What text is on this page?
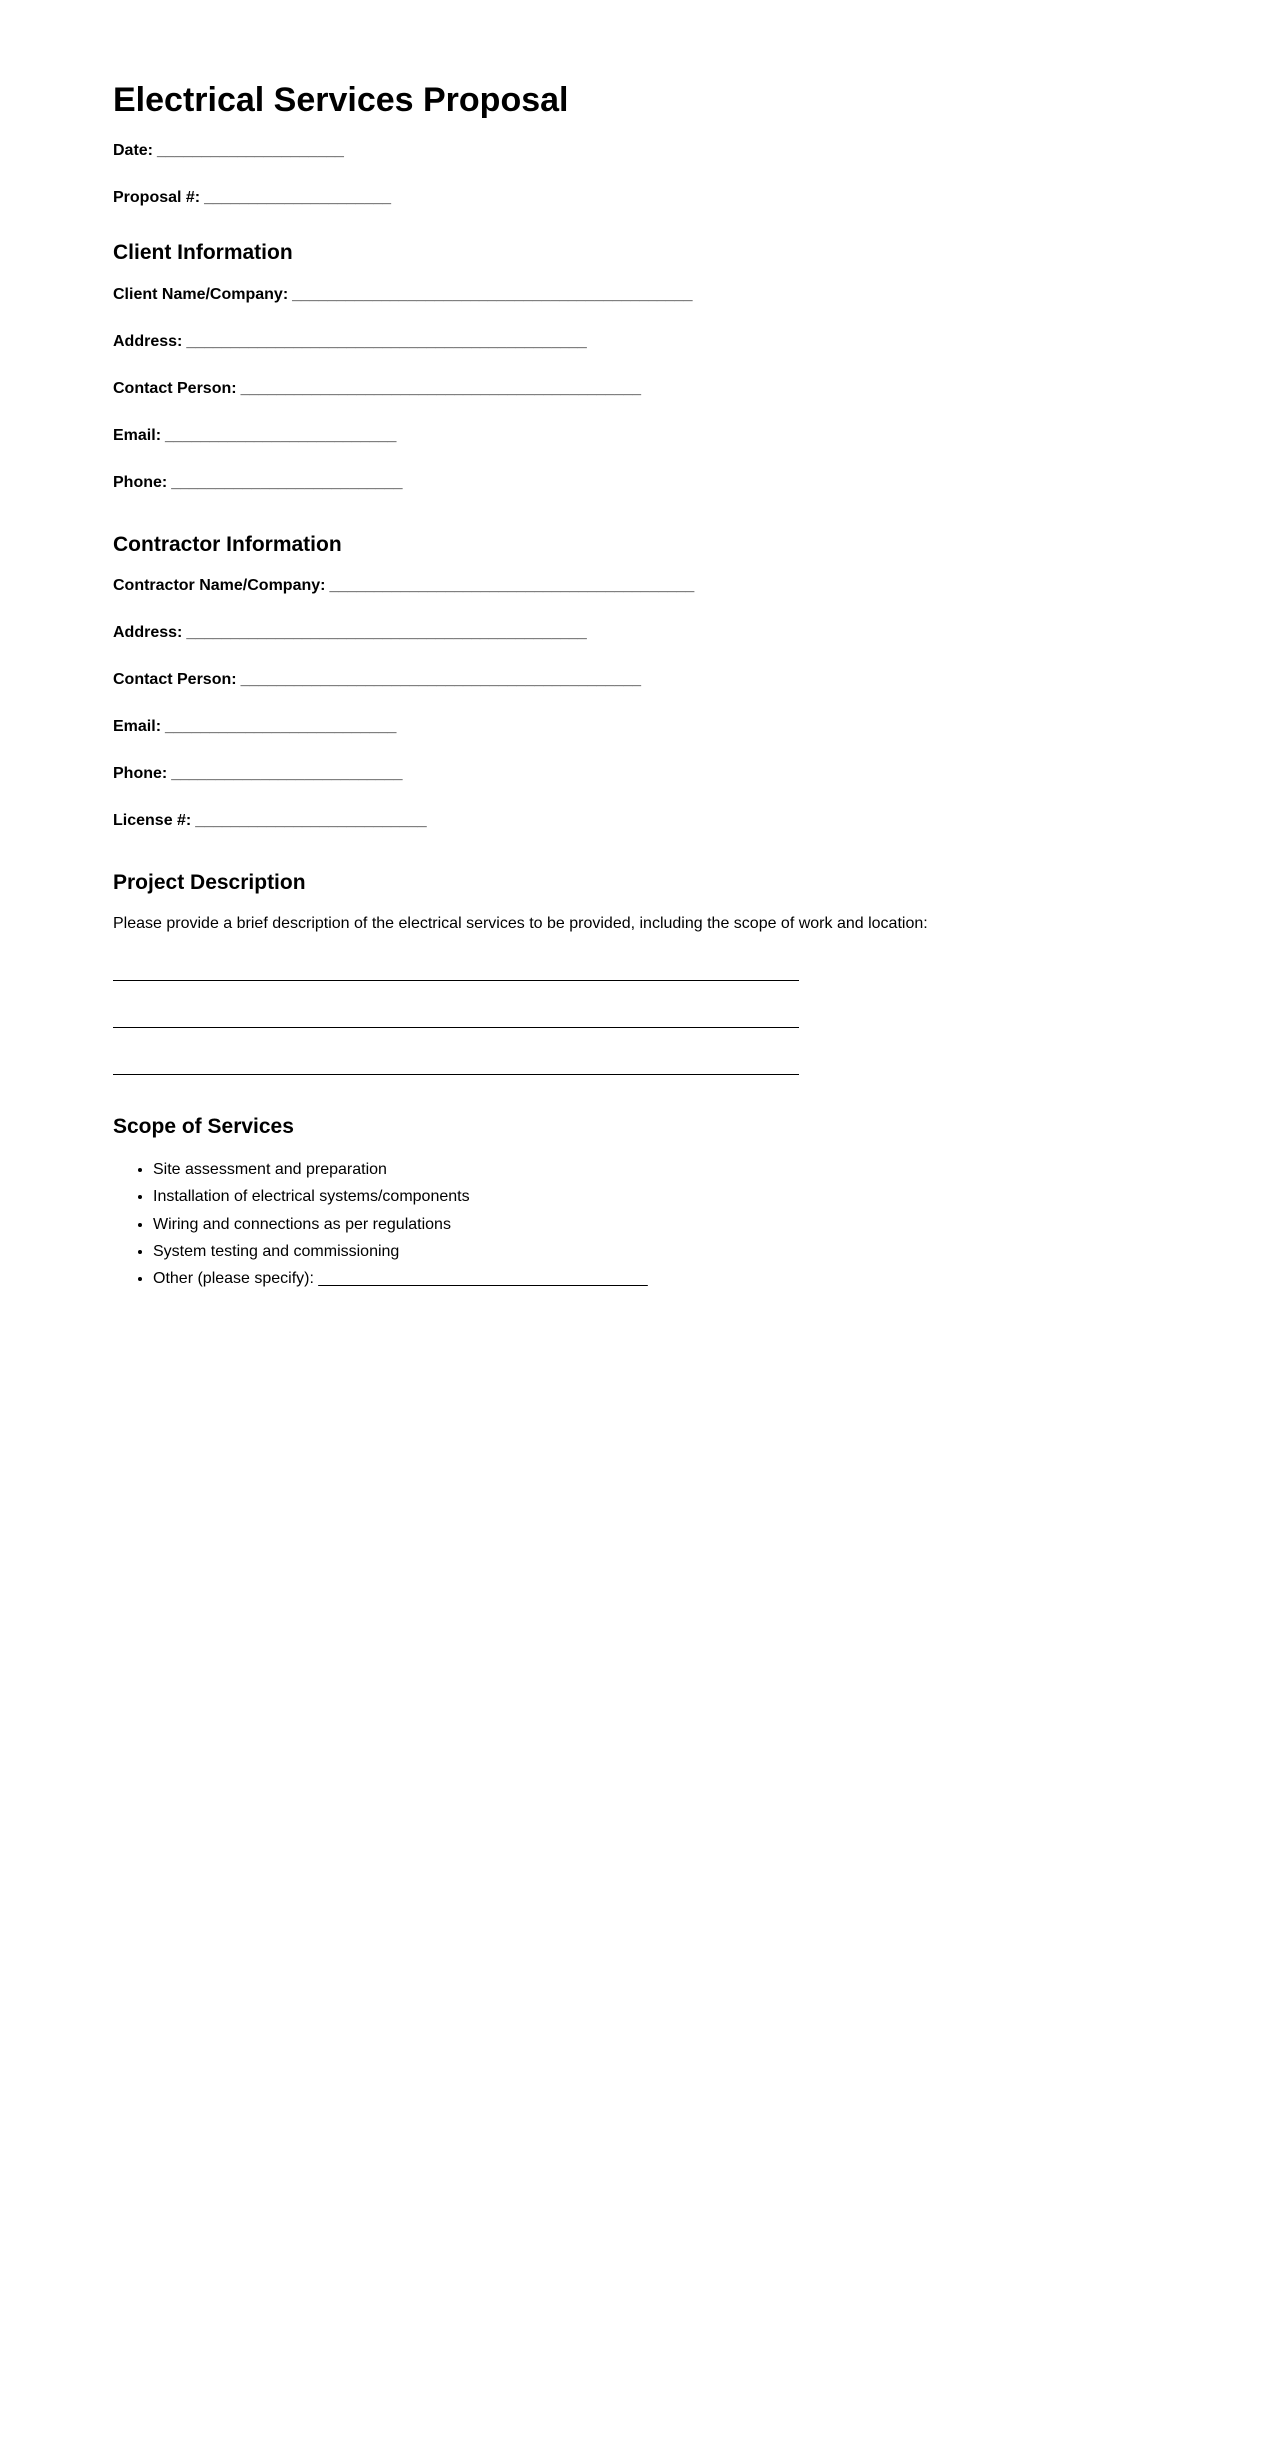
Electrical Services Proposal

Date: _____________________

Proposal #: _____________________

Client Information

Client Name/Company: _____________________________________________

Address: _____________________________________________

Contact Person: _____________________________________________

Email: __________________________

Phone: __________________________

Contractor Information

Contractor Name/Company: _________________________________________

Address: _____________________________________________

Contact Person: _____________________________________________

Email: __________________________

Phone: __________________________

License #: __________________________

Project Description

Please provide a brief description of the electrical services to be provided, including the scope of work and location:

Scope of Services
• Site assessment and preparation
• Installation of electrical systems/components
• Wiring and connections as per regulations
• System testing and commissioning
• Other (please specify): _____________________________________
